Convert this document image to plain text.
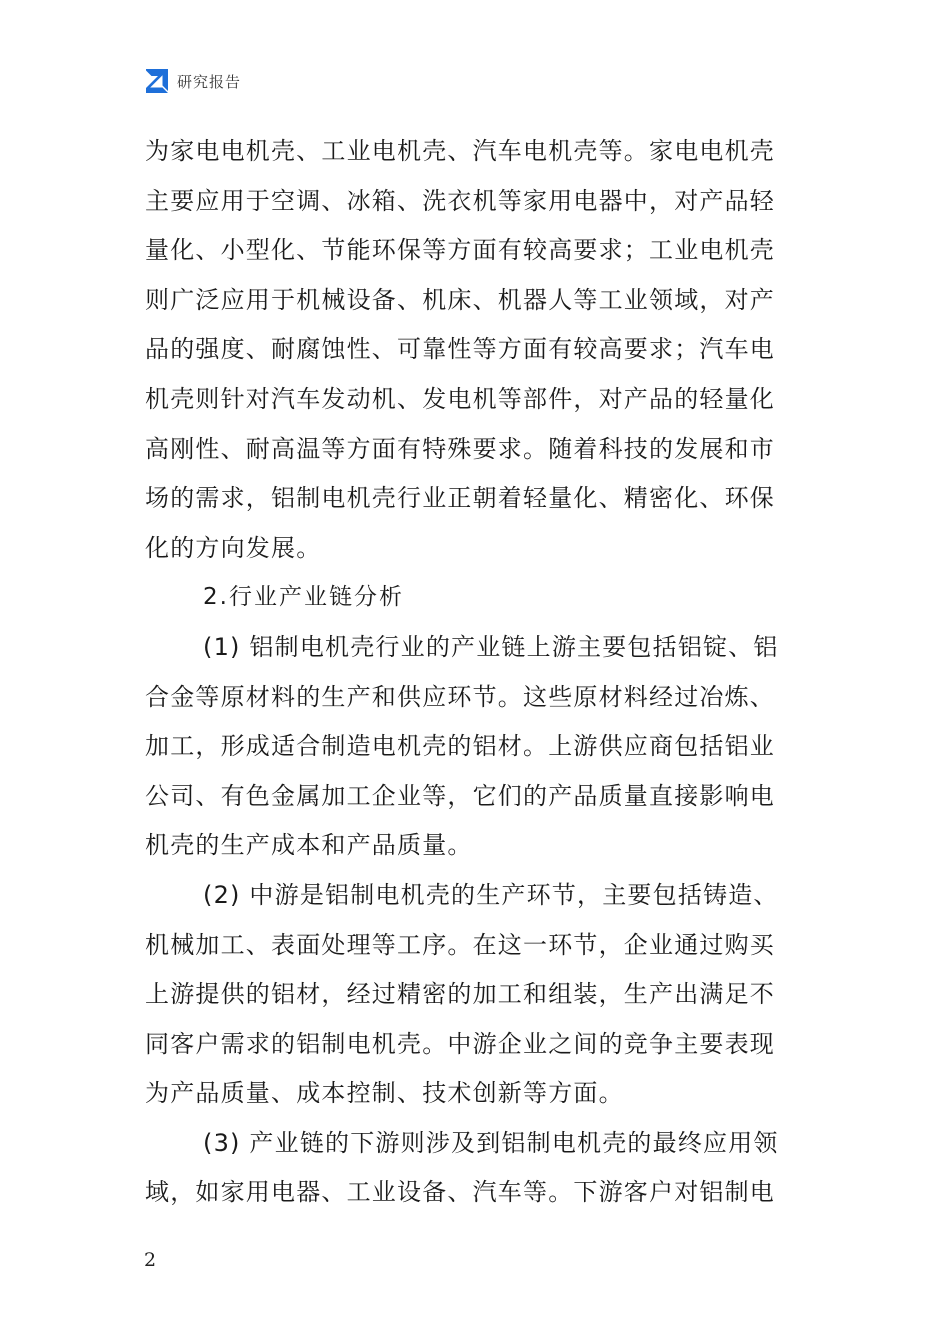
研究报告
为家电电机壳、工业电机壳、汽车电机壳等。家电电机壳
主要应用于空调、冰箱、洗衣机等家用电器中，对产品轻
量化、小型化、节能环保等方面有较高要求；工业电机壳
则广泛应用于机械设备、机床、机器人等工业领域，对产
品的强度、耐腐蚀性、可靠性等方面有较高要求；汽车电
机壳则针对汽车发动机、发电机等部件，对产品的轻量化
高刚性、耐高温等方面有特殊要求。随着科技的发展和市
场的需求，铝制电机壳行业正朝着轻量化、精密化、环保
化的方向发展。
2.行业产业链分析
(1) 铝制电机壳行业的产业链上游主要包括铝锭、铝
合金等原材料的生产和供应环节。这些原材料经过冶炼、
加工，形成适合制造电机壳的铝材。上游供应商包括铝业
公司、有色金属加工企业等，它们的产品质量直接影响电
机壳的生产成本和产品质量。
(2) 中游是铝制电机壳的生产环节，主要包括铸造、
机械加工、表面处理等工序。在这一环节，企业通过购买
上游提供的铝材，经过精密的加工和组装，生产出满足不
同客户需求的铝制电机壳。中游企业之间的竞争主要表现
为产品质量、成本控制、技术创新等方面。
(3) 产业链的下游则涉及到铝制电机壳的最终应用领
域，如家用电器、工业设备、汽车等。下游客户对铝制电
2
